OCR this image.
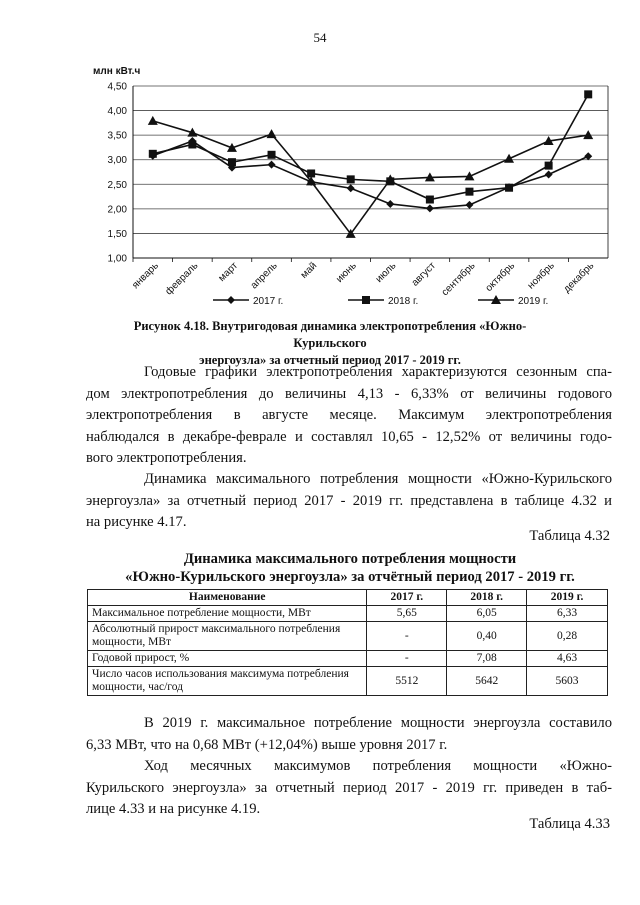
54
1,00
1,50
2,00
2,50
3,00
3,50
4,00
4,50
млн кВт.ч
январь февраль март апрель май июнь июль август сентябрь октябрь ноябрь декабрь
2017 г.	2018 г.	2019 г.
Рисунок 4.18. Внутригодовая динамика электропотребления «Южно-Курильского
энергоузла» за отчетный период 2017 - 2019 гг.
Годовые графики электропотребления характеризуются сезонным спа-
дом электропотребления до величины 4,13 - 6,33% от величины годового
электропотребления в августе месяце. Максимум электропотребления
наблюдался в декабре-феврале и составлял 10,65 - 12,52% от величины годо-
вого электропотребления.
Динамика максимального потребления мощности «Южно-Курильского
энергоузла» за отчетный период 2017 - 2019 гг. представлена в таблице 4.32 и
на рисунке 4.17.
Таблица 4.32
Динамика максимального потребления мощности
«Южно-Курильского энергоузла» за отчётный период 2017 - 2019 гг.
Наименование	2017 г.	2018 г.	2019 г.
Максимальное потребление мощности, МВт	5,65	6,05	6,33
Абсолютный прирост максимального потребления мощности, МВт	-	0,40	0,28
Годовой прирост, %	-	7,08	4,63
Число часов использования максимума потребления мощности, час/год	5512	5642	5603
В 2019 г. максимальное потребление мощности энергоузла составило
6,33 МВт, что на 0,68 МВт (+12,04%) выше уровня 2017 г.
Ход месячных максимумов потребления мощности «Южно-
Курильского энергоузла» за отчетный период 2017 - 2019 гг. приведен в таб-
лице 4.33 и на рисунке 4.19.
Таблица 4.33
